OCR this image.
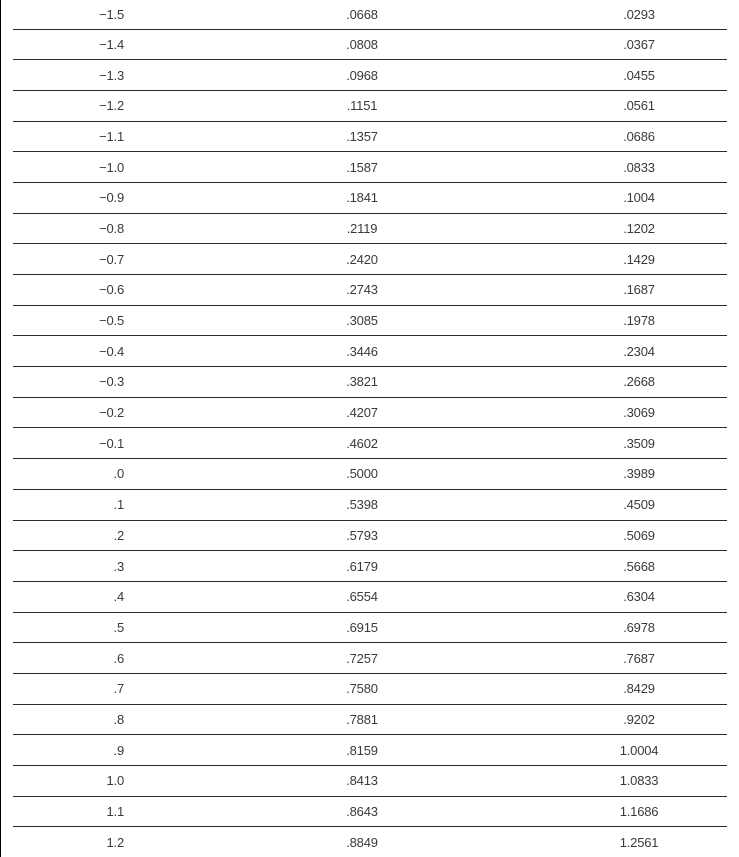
−1.5	.0668	.0293
−1.4	.0808	.0367
−1.3	.0968	.0455
−1.2	.1151	.0561
−1.1	.1357	.0686
−1.0	.1587	.0833
−0.9	.1841	.1004
−0.8	.2119	.1202
−0.7	.2420	.1429
−0.6	.2743	.1687
−0.5	.3085	.1978
−0.4	.3446	.2304
−0.3	.3821	.2668
−0.2	.4207	.3069
−0.1	.4602	.3509
.0	.5000	.3989
.1	.5398	.4509
.2	.5793	.5069
.3	.6179	.5668
.4	.6554	.6304
.5	.6915	.6978
.6	.7257	.7687
.7	.7580	.8429
.8	.7881	.9202
.9	.8159	1.0004
1.0	.8413	1.0833
1.1	.8643	1.1686
1.2	.8849	1.2561
